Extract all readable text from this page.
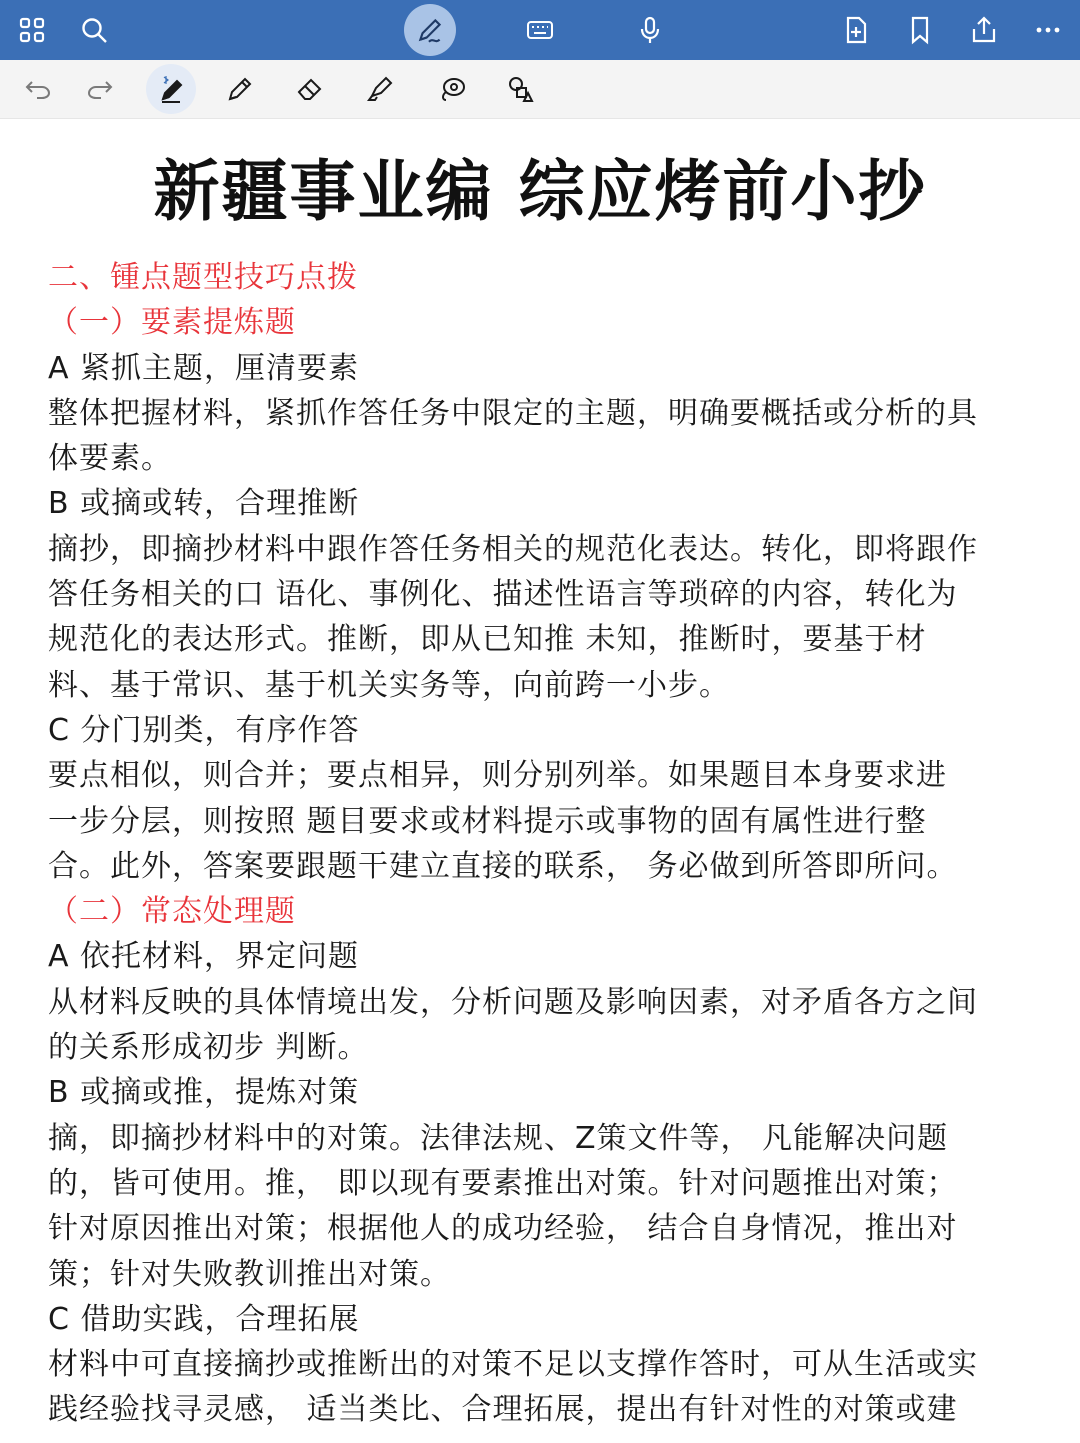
新疆事业编 综应烤前小抄
二、锺点题型技巧点拨
（一）要素提炼题
A 紧抓主题，厘清要素
整体把握材料，紧抓作答任务中限定的主题，明确要概括或分析的具
体要素。
B 或摘或转，合理推断
摘抄，即摘抄材料中跟作答任务相关的规范化表达。转化，即将跟作
答任务相关的口 语化、事例化、描述性语言等琐碎的内容，转化为
规范化的表达形式。推断，即从已知推 未知，推断时，要基于材
料、基于常识、基于机关实务等，向前跨一小步。
C 分门别类，有序作答
要点相似，则合并；要点相异，则分别列举。如果题目本身要求进
一步分层，则按照 题目要求或材料提示或事物的固有属性进行整
合。此外，答案要跟题干建立直接的联系， 务必做到所答即所问。
（二）常态处理题
A 依托材料，界定问题
从材料反映的具体情境出发，分析问题及影响因素，对矛盾各方之间
的关系形成初步 判断。
B 或摘或推，提炼对策
摘，即摘抄材料中的对策。法律法规、Z策文件等， 凡能解决问题
的，皆可使用。推， 即以现有要素推出对策。针对问题推出对策；
针对原因推出对策；根据他人的成功经验， 结合自身情况，推出对
策；针对失败教训推出对策。
C 借助实践，合理拓展
材料中可直接摘抄或推断出的对策不足以支撑作答时，可从生活或实
践经验找寻灵感， 适当类比、合理拓展，提出有针对性的对策或建
